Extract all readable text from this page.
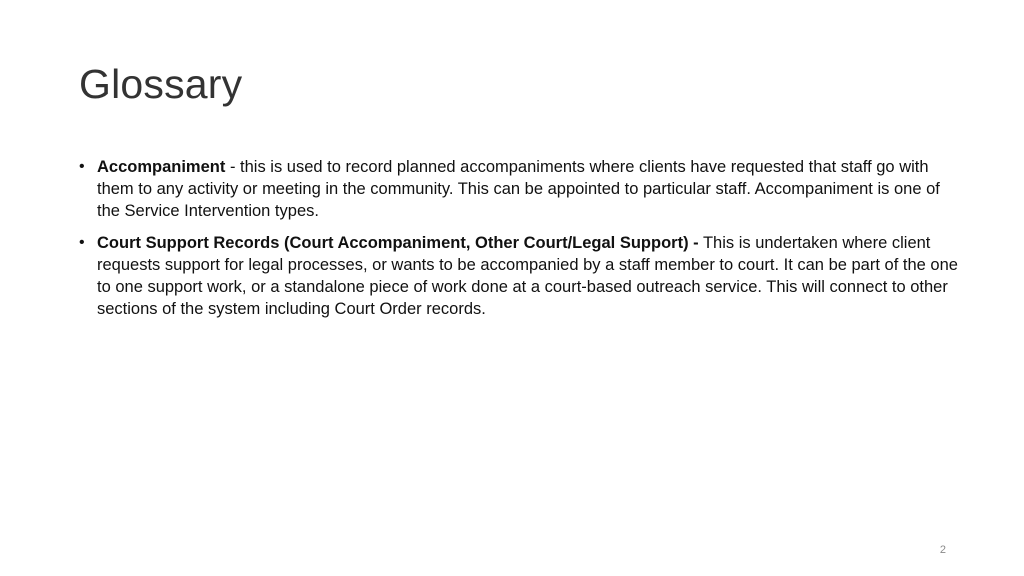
Glossary
• Accompaniment - this is used to record planned accompaniments where clients have requested that staff go with them to any activity or meeting in the community. This can be appointed to particular staff. Accompaniment is one of the Service Intervention types.
• Court Support Records (Court Accompaniment, Other Court/Legal Support) - This is undertaken where client requests support for legal processes, or wants to be accompanied by a staff member to court. It can be part of the one to one support work, or a standalone piece of work done at a court-based outreach service. This will connect to other sections of the system including Court Order records.
2
